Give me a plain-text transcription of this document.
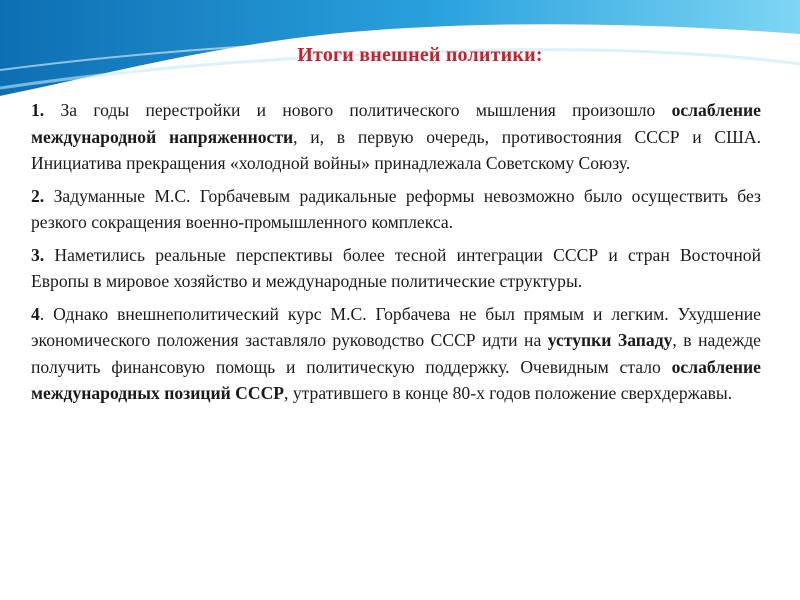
Итоги внешней политики:

1. За годы перестройки и нового политического мышления произошло ослабление международной напряженности, и, в первую очередь, противостояния СССР и США. Инициатива прекращения «холодной войны» принадлежала Советскому Союзу.

2. Задуманные М.С. Горбачевым радикальные реформы невозможно было осуществить без резкого сокращения военно-промышленного комплекса.

3. Наметились реальные перспективы более тесной интеграции СССР и стран Восточной Европы в мировое хозяйство и международные политические структуры.

4. Однако внешнеполитический курс М.С. Горбачева не был прямым и легким. Ухудшение экономического положения заставляло руководство СССР идти на уступки Западу, в надежде получить финансовую помощь и политическую поддержку. Очевидным стало ослабление международных позиций СССР, утратившего в конце 80-х годов положение сверхдержавы.
